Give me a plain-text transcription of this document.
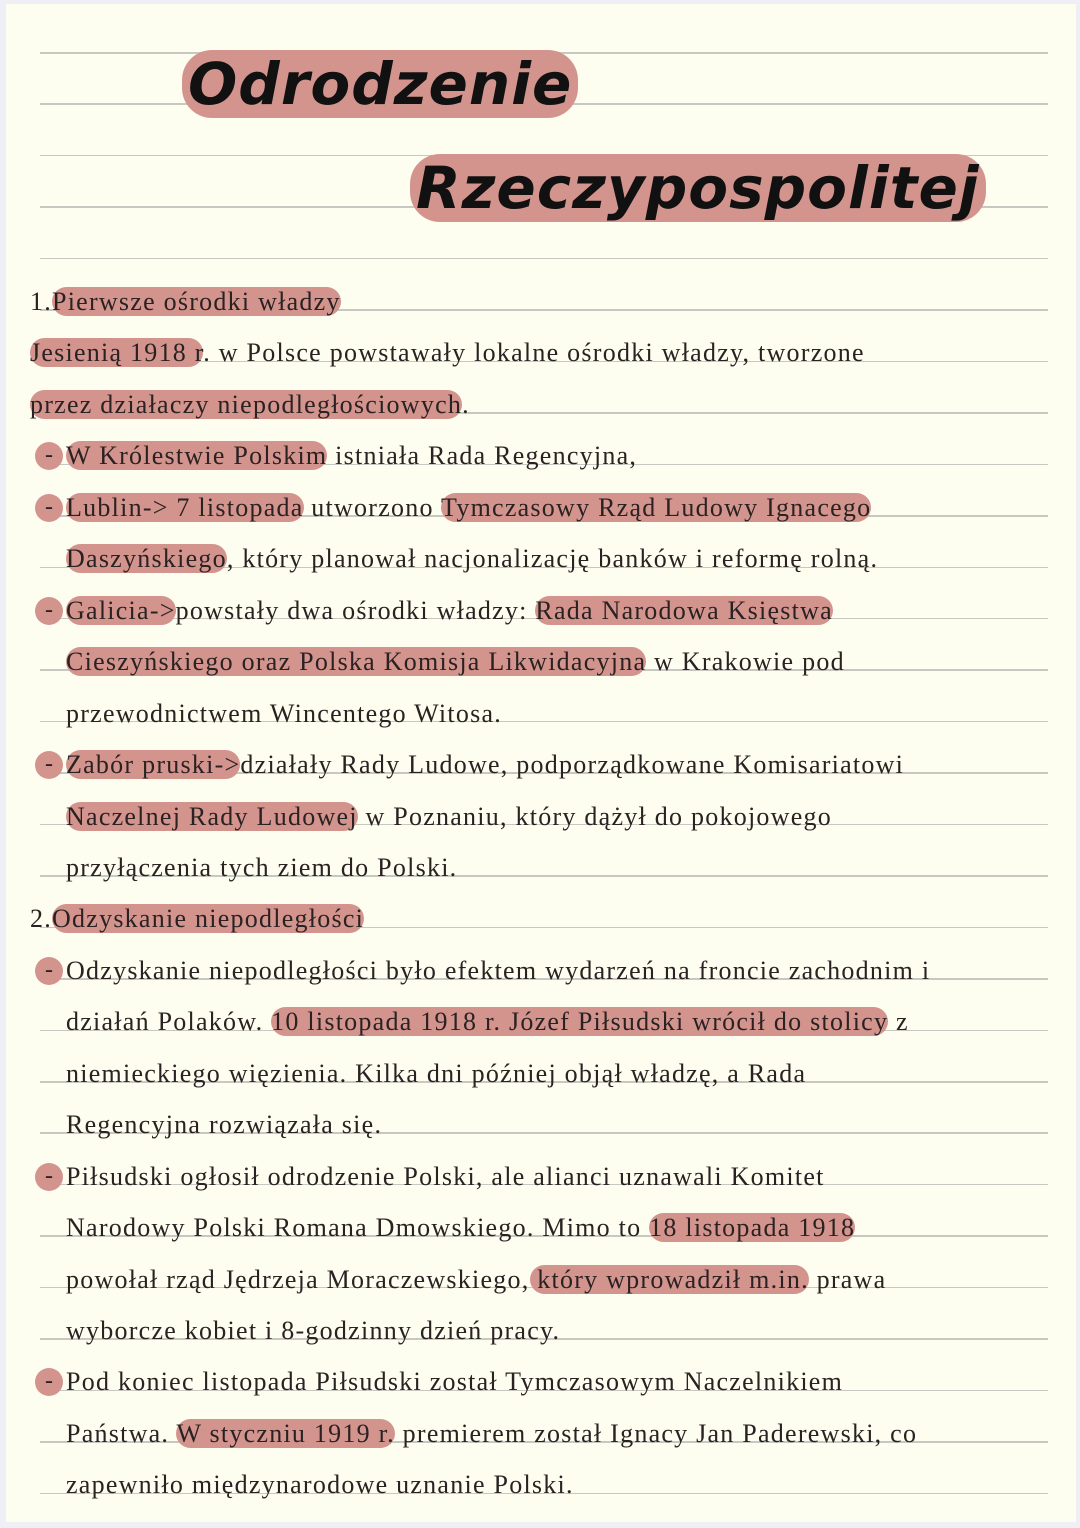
Odrodzenie
Rzeczypospolitej
1.Pierwsze ośrodki władzy
Jesienią 1918 r. w Polsce powstawały lokalne ośrodki władzy, tworzone
przez działaczy niepodległościowych.
- W Królestwie Polskim istniała Rada Regencyjna,
- Lublin-> 7 listopada utworzono Tymczasowy Rząd Ludowy Ignacego
Daszyńskiego, który planował nacjonalizację banków i reformę rolną.
- Galicia->powstały dwa ośrodki władzy: Rada Narodowa Księstwa
Cieszyńskiego oraz Polska Komisja Likwidacyjna w Krakowie pod
przewodnictwem Wincentego Witosa.
- Zabór pruski->działały Rady Ludowe, podporządkowane Komisariatowi
Naczelnej Rady Ludowej w Poznaniu, który dążył do pokojowego
przyłączenia tych ziem do Polski.
2.Odzyskanie niepodległości
- Odzyskanie niepodległości było efektem wydarzeń na froncie zachodnim i
działań Polaków. 10 listopada 1918 r. Józef Piłsudski wrócił do stolicy z
niemieckiego więzienia. Kilka dni później objął władzę, a Rada
Regencyjna rozwiązała się.
- Piłsudski ogłosił odrodzenie Polski, ale alianci uznawali Komitet
Narodowy Polski Romana Dmowskiego. Mimo to 18 listopada 1918
powołał rząd Jędrzeja Moraczewskiego, który wprowadził m.in. prawa
wyborcze kobiet i 8-godzinny dzień pracy.
- Pod koniec listopada Piłsudski został Tymczasowym Naczelnikiem
Państwa. W styczniu 1919 r. premierem został Ignacy Jan Paderewski, co
zapewniło międzynarodowe uznanie Polski.
